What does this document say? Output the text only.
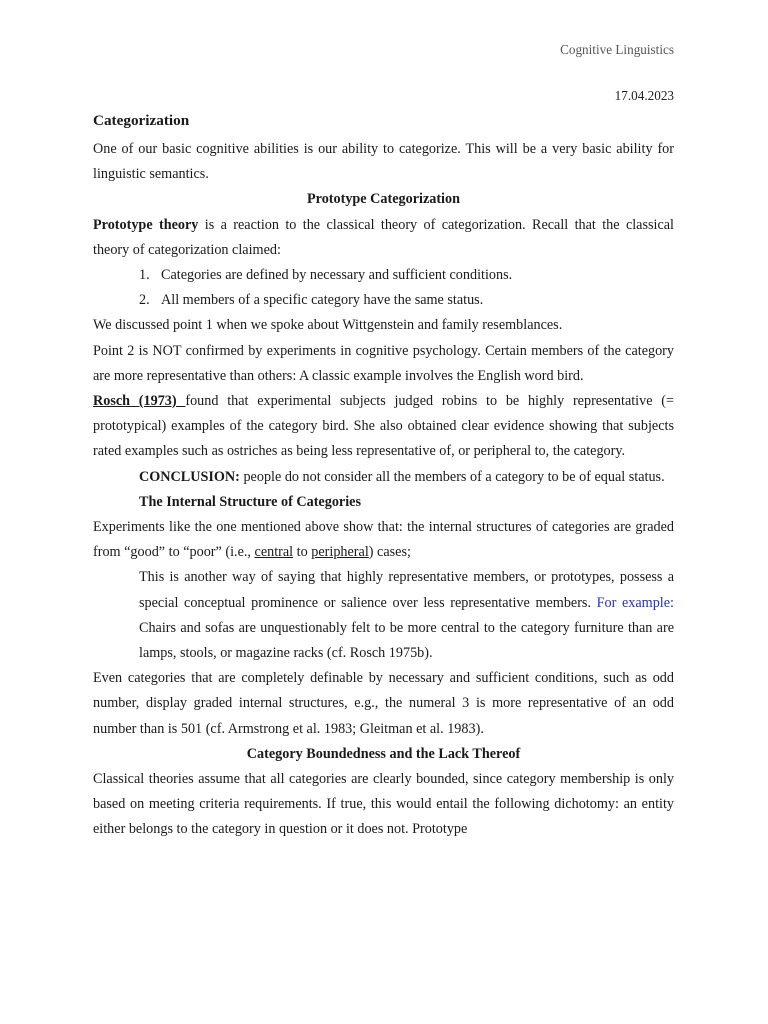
Cognitive Linguistics
17.04.2023
Categorization

One of our basic cognitive abilities is our ability to categorize. This will be a very basic ability for linguistic semantics.

Prototype Categorization

Prototype theory is a reaction to the classical theory of categorization. Recall that the classical theory of categorization claimed:

1. Categories are defined by necessary and sufficient conditions.
2. All members of a specific category have the same status.

We discussed point 1 when we spoke about Wittgenstein and family resemblances.

Point 2 is NOT confirmed by experiments in cognitive psychology. Certain members of the category are more representative than others: A classic example involves the English word bird.

Rosch (1973) found that experimental subjects judged robins to be highly representative (= prototypical) examples of the category bird. She also obtained clear evidence showing that subjects rated examples such as ostriches as being less representative of, or peripheral to, the category.

CONCLUSION: people do not consider all the members of a category to be of equal status.

The Internal Structure of Categories

Experiments like the one mentioned above show that: the internal structures of categories are graded from “good” to “poor” (i.e., central to peripheral) cases;

This is another way of saying that highly representative members, or prototypes, possess a special conceptual prominence or salience over less representative members. For example: Chairs and sofas are unquestionably felt to be more central to the category furniture than are lamps, stools, or magazine racks (cf. Rosch 1975b).

Even categories that are completely definable by necessary and sufficient conditions, such as odd number, display graded internal structures, e.g., the numeral 3 is more representative of an odd number than is 501 (cf. Armstrong et al. 1983; Gleitman et al. 1983).

Category Boundedness and the Lack Thereof

Classical theories assume that all categories are clearly bounded, since category membership is only based on meeting criteria requirements. If true, this would entail the following dichotomy: an entity either belongs to the category in question or it does not. Prototype
